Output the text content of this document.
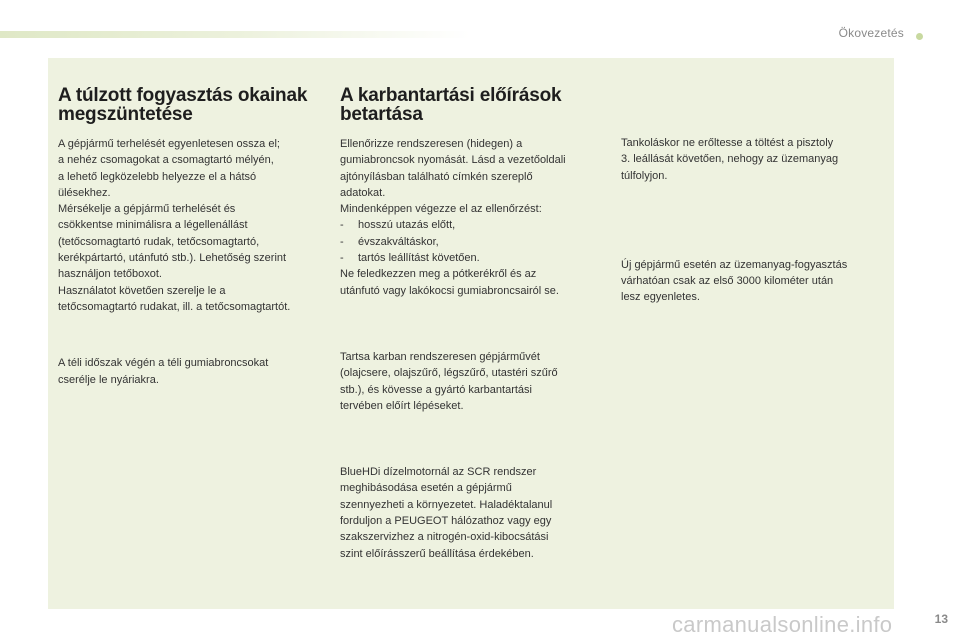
Ökovezetés
A túlzott fogyasztás okainak megszüntetése

A gépjármű terhelését egyenletesen ossza el;
a nehéz csomagokat a csomagtartó mélyén,
a lehető legközelebb helyezze el a hátsó
ülésekhez.
Mérsékelje a gépjármű terhelését és
csökkentse minimálisra a légellenállást
(tetőcsomagtartó rudak, tetőcsomagtartó,
kerékpártartó, utánfutó stb.). Lehetőség szerint
használjon tetőboxot.
Használatot követően szerelje le a
tetőcsomagtartó rudakat, ill. a tetőcsomagtartót.

A téli időszak végén a téli gumiabroncsokat
cserélje le nyáriakra.

A karbantartási előírások betartása

Ellenőrizze rendszeresen (hidegen) a
gumiabroncsok nyomását. Lásd a vezetőoldali
ajtónyílásban található címkén szereplő
adatokat.
Mindenképpen végezze el az ellenőrzést:
- hosszú utazás előtt,
- évszakváltáskor,
- tartós leállítást követően.
Ne feledkezzen meg a pótkerékről és az
utánfutó vagy lakókocsi gumiabroncsairól se.

Tartsa karban rendszeresen gépjárművét
(olajcsere, olajszűrő, légszűrő, utastéri szűrő
stb.), és kövesse a gyártó karbantartási
tervében előírt lépéseket.

BlueHDi dízelmotornál az SCR rendszer
meghibásodása esetén a gépjármű
szennyezheti a környezetet. Haladéktalanul
forduljon a PEUGEOT hálózathoz vagy egy
szakszervizhez a nitrogén-oxid-kibocsátási
szint előírásszerű beállítása érdekében.

Tankoláskor ne erőltesse a töltést a pisztoly
3. leállását követően, nehogy az üzemanyag
túlfolyjon.

Új gépjármű esetén az üzemanyag-fogyasztás
várhatóan csak az első 3000 kilométer után
lesz egyenletes.

carmanualsonline.info	13
